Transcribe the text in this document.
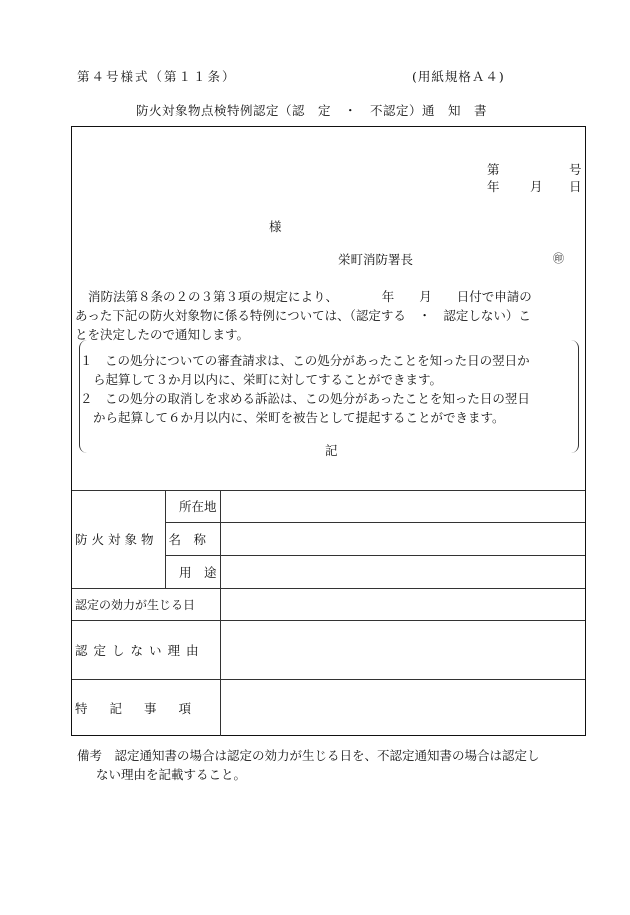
第４号様式（第１１条）	(用紙規格Ａ４)
防火対象物点検特例認定（認　定　・　不認定）通　知　書
第	号
年 月 日
様
栄町消防署長	㊞
消防法第８条の２の３第３項の規定により、　　　　年　　月　　日付で申請の
あった下記の防火対象物に係る特例については、（認定する　・　認定しない）こ
とを決定したので通知します。
１　この処分についての審査請求は、この処分があったことを知った日の翌日か
ら起算して３か月以内に、栄町に対してすることができます。
２　この処分の取消しを求める訴訟は、この処分があったことを知った日の翌日
から起算して６か月以内に、栄町を被告として提起することができます。
記
防火対象物	所在地	
	名　称	
	用　途	
認定の効力が生じる日		
認定しない理由		
特記事項		
備考　認定通知書の場合は認定の効力が生じる日を、不認定通知書の場合は認定し
ない理由を記載すること。
